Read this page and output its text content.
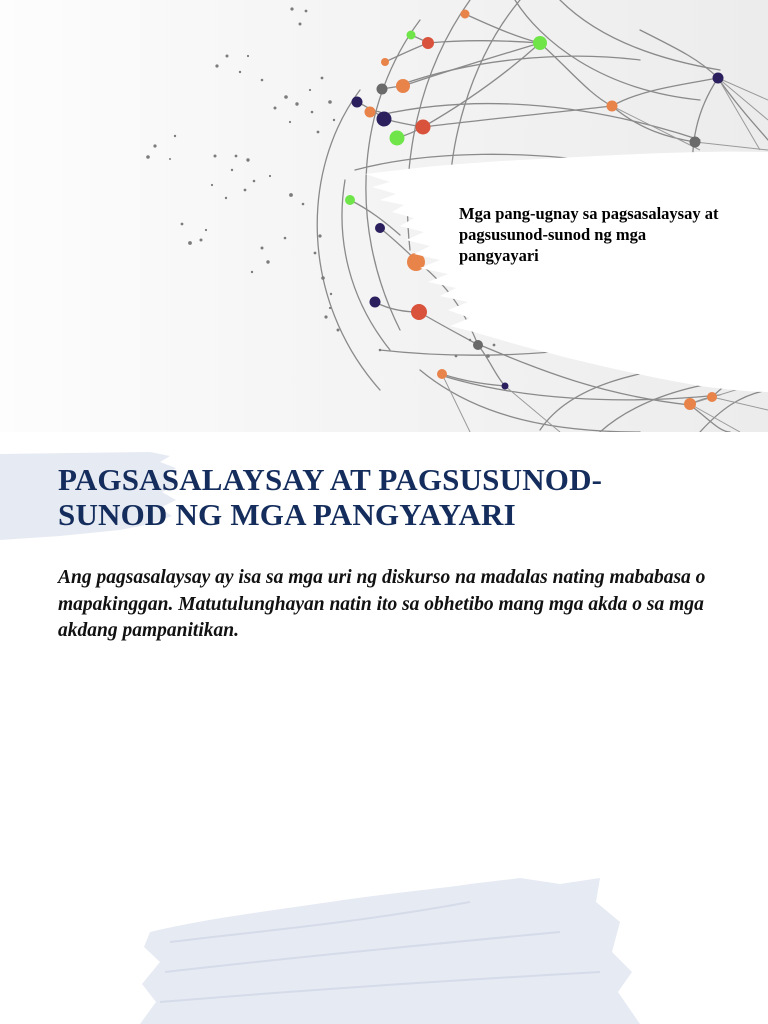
Mga pang-ugnay sa pagsasalaysay at
pagsusunod-sunod ng mga
pangyayari
PAGSASALAYSAY AT PAGSUSUNOD-SUNOD NG MGA PANGYAYARI
Ang pagsasalaysay ay isa sa mga uri ng diskurso na madalas nating mababasa o mapakinggan. Matutulunghayan natin ito sa obhetibo mang mga akda o sa mga akdang pampanitikan.
